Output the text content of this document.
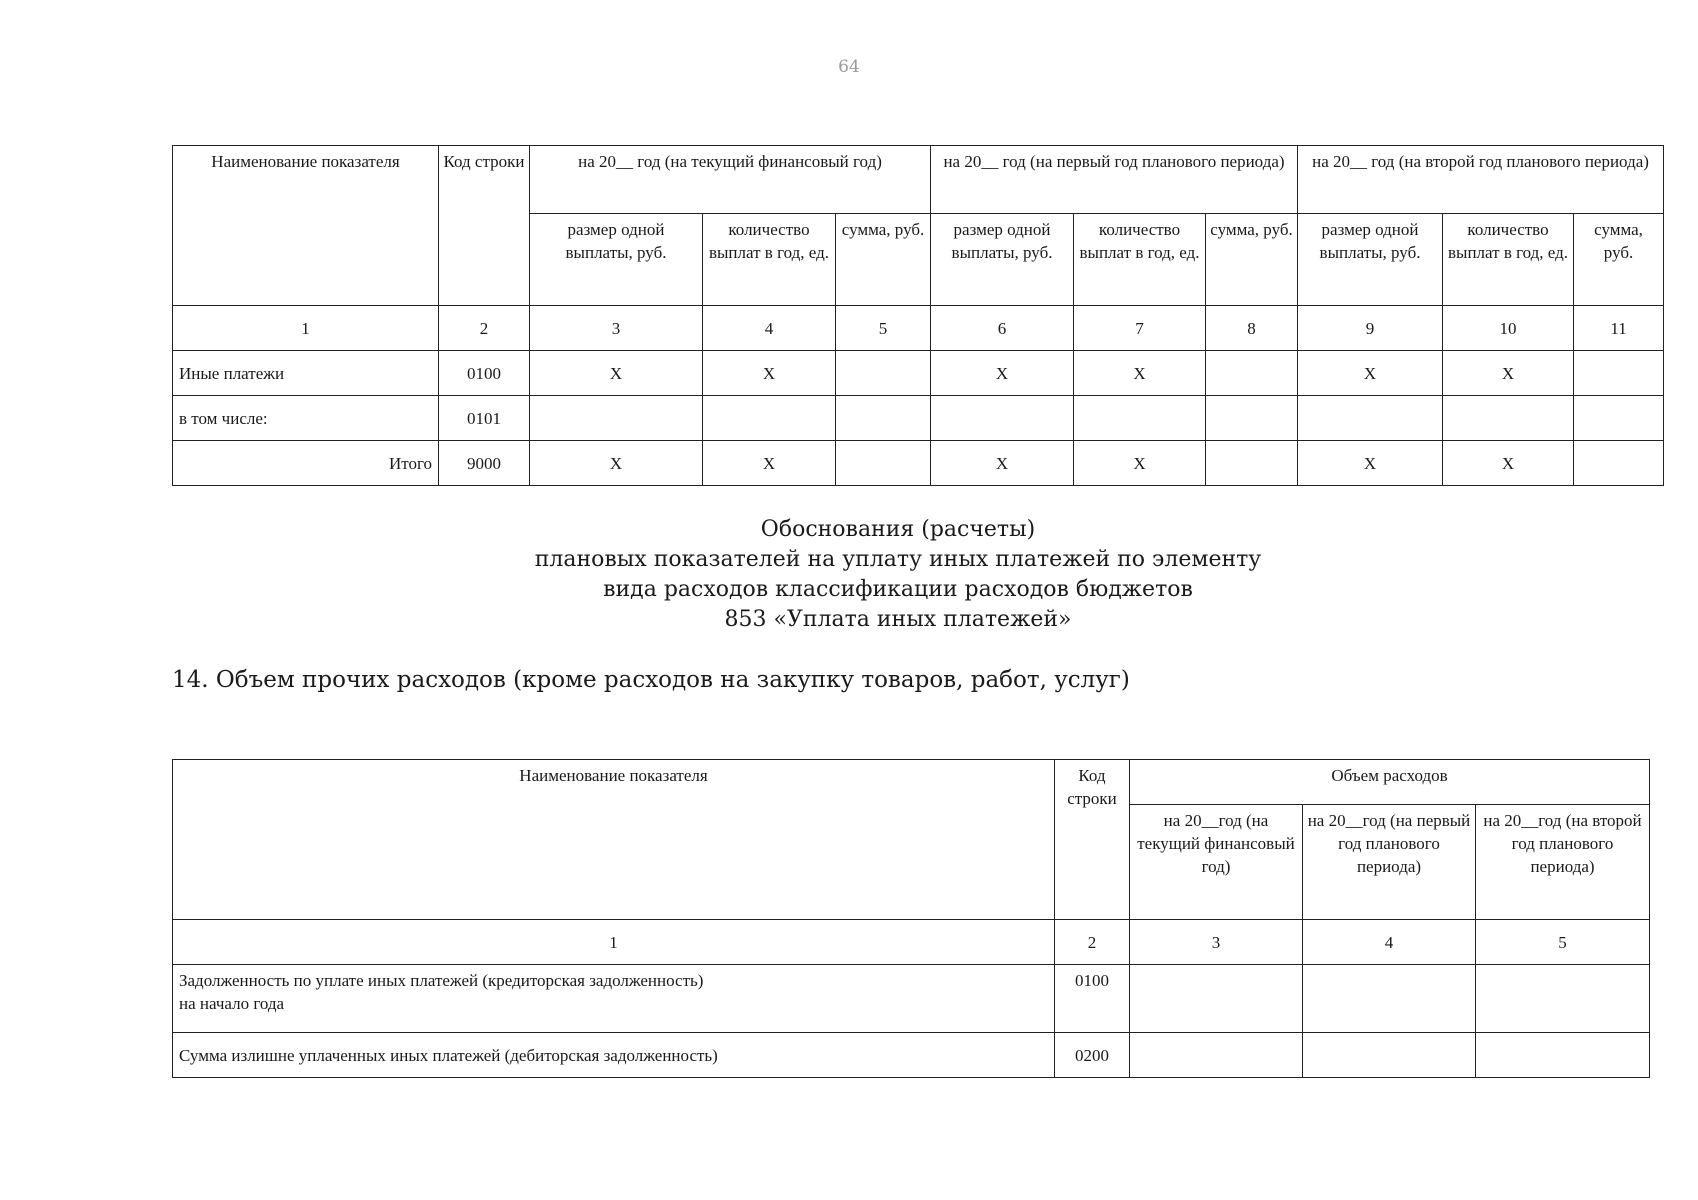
64
Наименование показателя	Код строки	на 20__ год (на текущий финансовый год)			на 20__ год (на первый год планового периода)			на 20__ год (на второй год планового периода)		
		размер одной выплаты, руб.	количество выплат в год, ед.	сумма, руб.	размер одной выплаты, руб.	количество выплат в год, ед.	сумма, руб.	размер одной выплаты, руб.	количество выплат в год, ед.	сумма, руб.
1	2	3	4	5	6	7	8	9	10	11
Иные платежи	0100	X	X		X	X		X	X	
в том числе:	0101									
Итого	9000	X	X		X	X		X	X	
Обоснования (расчеты)
плановых показателей на уплату иных платежей по элементу
вида расходов классификации расходов бюджетов
853 «Уплата иных платежей»
14. Объем прочих расходов (кроме расходов на закупку товаров, работ, услуг)
Наименование показателя	Код строки	Объем расходов		
		на 20__год (на текущий финансовый год)	на 20__год (на первый год планового периода)	на 20__год (на второй год планового периода)
1	2	3	4	5

Задолженность по уплате иных платежей (кредиторская задолженность)
на начало года	0100			
Сумма излишне уплаченных иных платежей (дебиторская задолженность)	0200			
